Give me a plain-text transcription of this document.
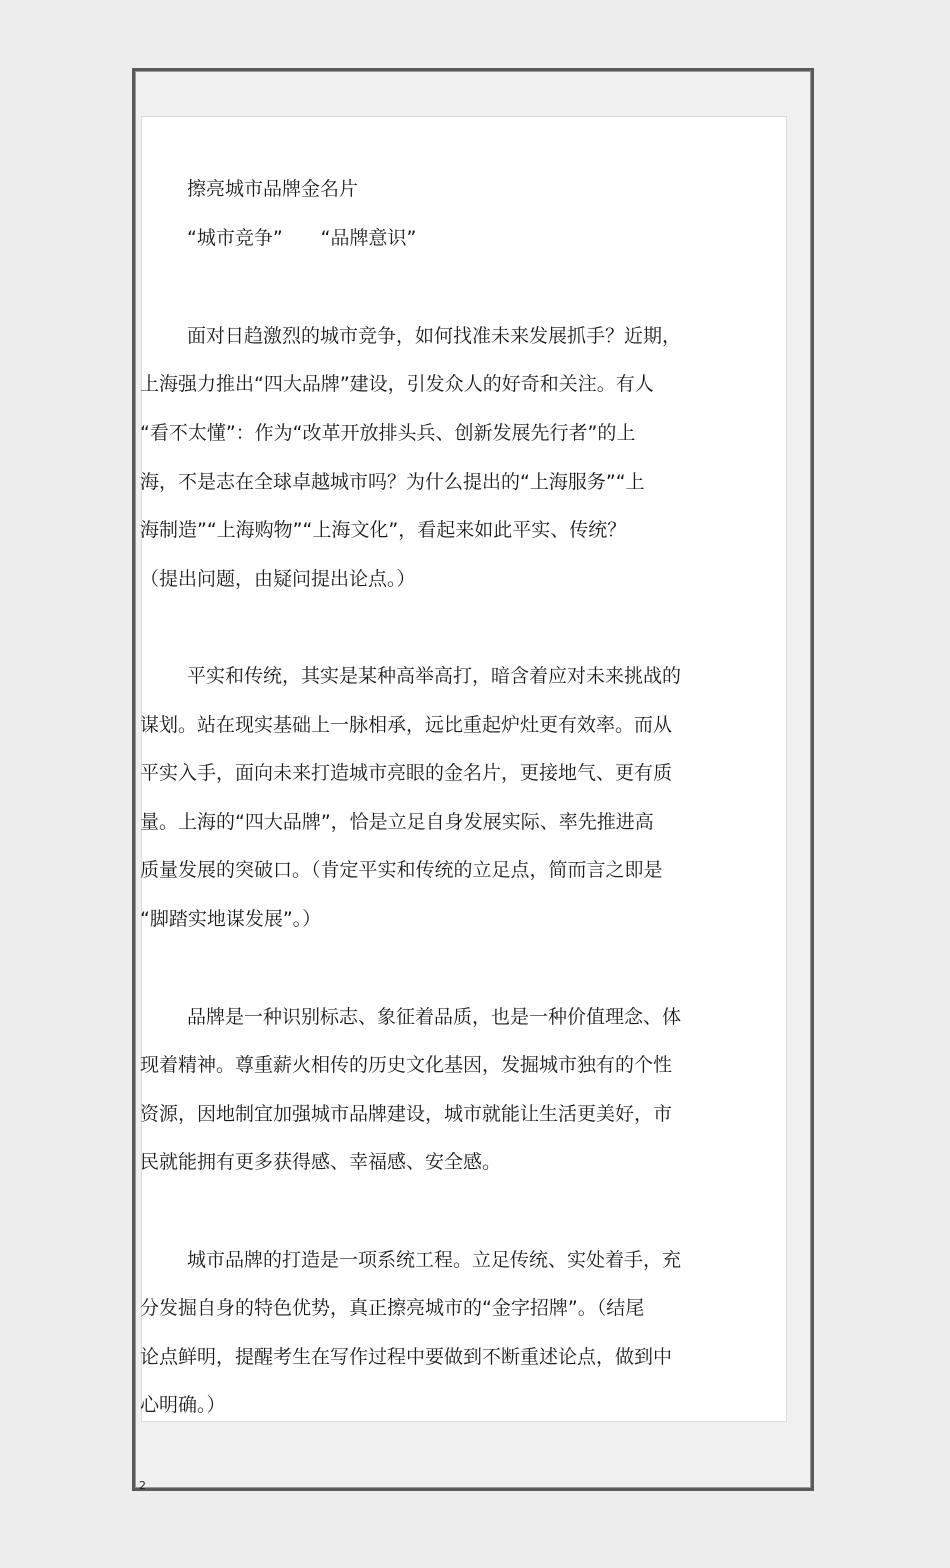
擦亮城市品牌金名片
“城市竞争”　　“品牌意识”
面对日趋激烈的城市竞争，如何找准未来发展抓手？近期，
上海强力推出“四大品牌”建设，引发众人的好奇和关注。有人
“看不太懂”：作为“改革开放排头兵、创新发展先行者”的上
海，不是志在全球卓越城市吗？为什么提出的“上海服务”“上
海制造”“上海购物”“上海文化”，看起来如此平实、传统？
（提出问题，由疑问提出论点。）
平实和传统，其实是某种高举高打，暗含着应对未来挑战的
谋划。站在现实基础上一脉相承，远比重起炉灶更有效率。而从
平实入手，面向未来打造城市亮眼的金名片，更接地气、更有质
量。上海的“四大品牌”，恰是立足自身发展实际、率先推进高
质量发展的突破口。（肯定平实和传统的立足点，简而言之即是
“脚踏实地谋发展”。）
品牌是一种识别标志、象征着品质，也是一种价值理念、体
现着精神。尊重薪火相传的历史文化基因，发掘城市独有的个性
资源，因地制宜加强城市品牌建设，城市就能让生活更美好，市
民就能拥有更多获得感、幸福感、安全感。
城市品牌的打造是一项系统工程。立足传统、实处着手，充
分发掘自身的特色优势，真正擦亮城市的“金字招牌”。（结尾
论点鲜明，提醒考生在写作过程中要做到不断重述论点，做到中
心明确。）
2
